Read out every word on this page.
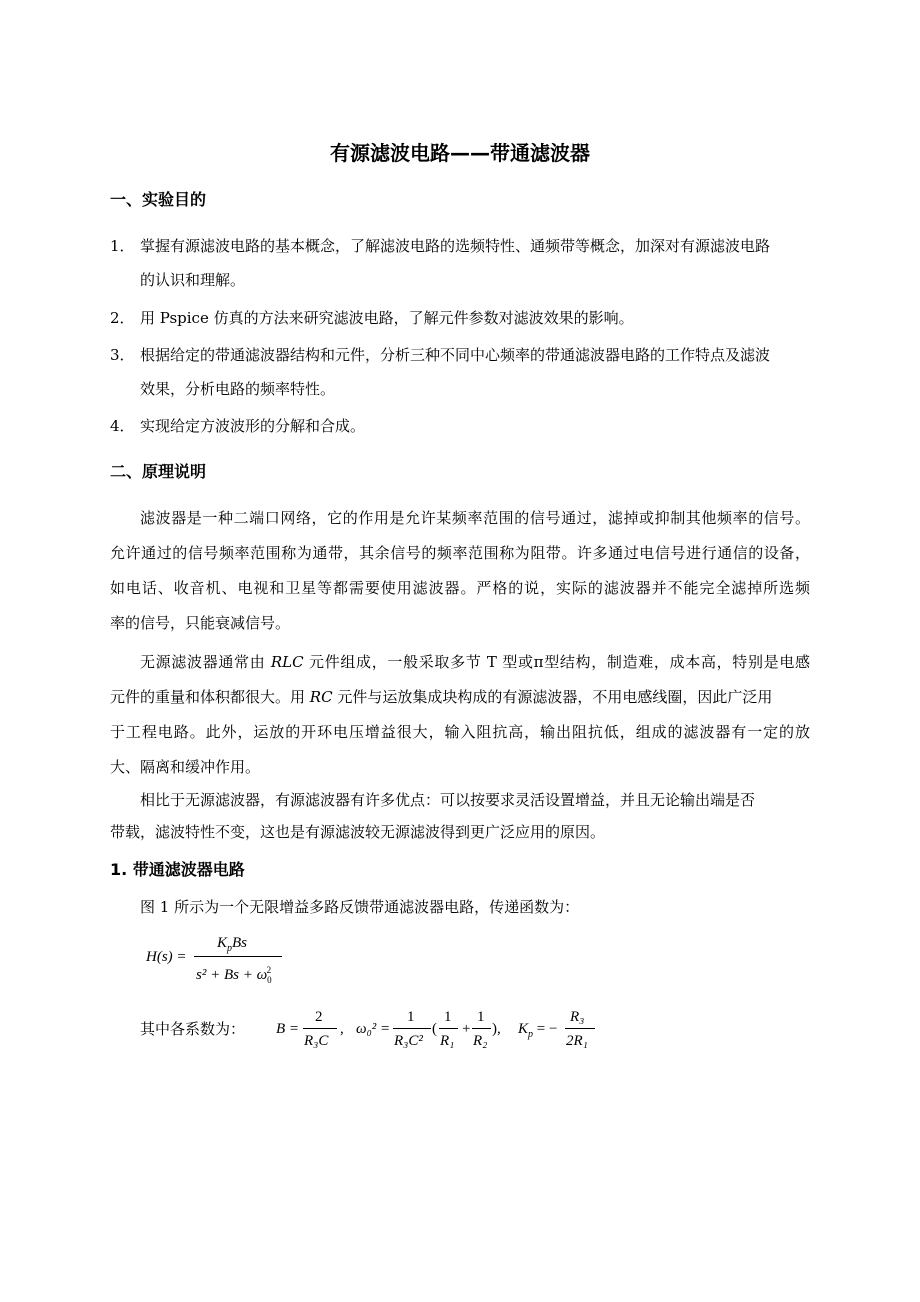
有源滤波电路——带通滤波器
一、实验目的
1． 掌握有源滤波电路的基本概念，了解滤波电路的选频特性、通频带等概念，加深对有源滤波电路
的认识和理解。
2． 用 Pspice 仿真的方法来研究滤波电路，了解元件参数对滤波效果的影响。
3． 根据给定的带通滤波器结构和元件，分析三种不同中心频率的带通滤波器电路的工作特点及滤波
效果，分析电路的频率特性。
4． 实现给定方波波形的分解和合成。
二、原理说明
滤波器是一种二端口网络，它的作用是允许某频率范围的信号通过，滤掉或抑制其他频率的信号。
允许通过的信号频率范围称为通带，其余信号的频率范围称为阻带。许多通过电信号进行通信的设备，
如电话、收音机、电视和卫星等都需要使用滤波器。严格的说，实际的滤波器并不能完全滤掉所选频
率的信号，只能衰减信号。
无源滤波器通常由 RLC 元件组成，一般采取多节 T 型或π型结构，制造难，成本高，特别是电感
元件的重量和体积都很大。用 RC 元件与运放集成块构成的有源滤波器，不用电感线圈，因此广泛用
于工程电路。此外，运放的开环电压增益很大，输入阻抗高，输出阻抗低，组成的滤波器有一定的放
大、隔离和缓冲作用。
相比于无源滤波器，有源滤波器有许多优点：可以按要求灵活设置增益，并且无论输出端是否
带载，滤波特性不变，这也是有源滤波较无源滤波得到更广泛应用的原因。
1. 带通滤波器电路
图 1 所示为一个无限增益多路反馈带通滤波器电路，传递函数为：
H(s) =
$K_pBs$
$s^2 + Bs + \omega_0^2$
其中各系数为： B =
2
R₃C
, ω₀² =
1
R₃C²
(
1
R₁
+
1
R₂
), $K_p$ = −
R₃
2R₁
